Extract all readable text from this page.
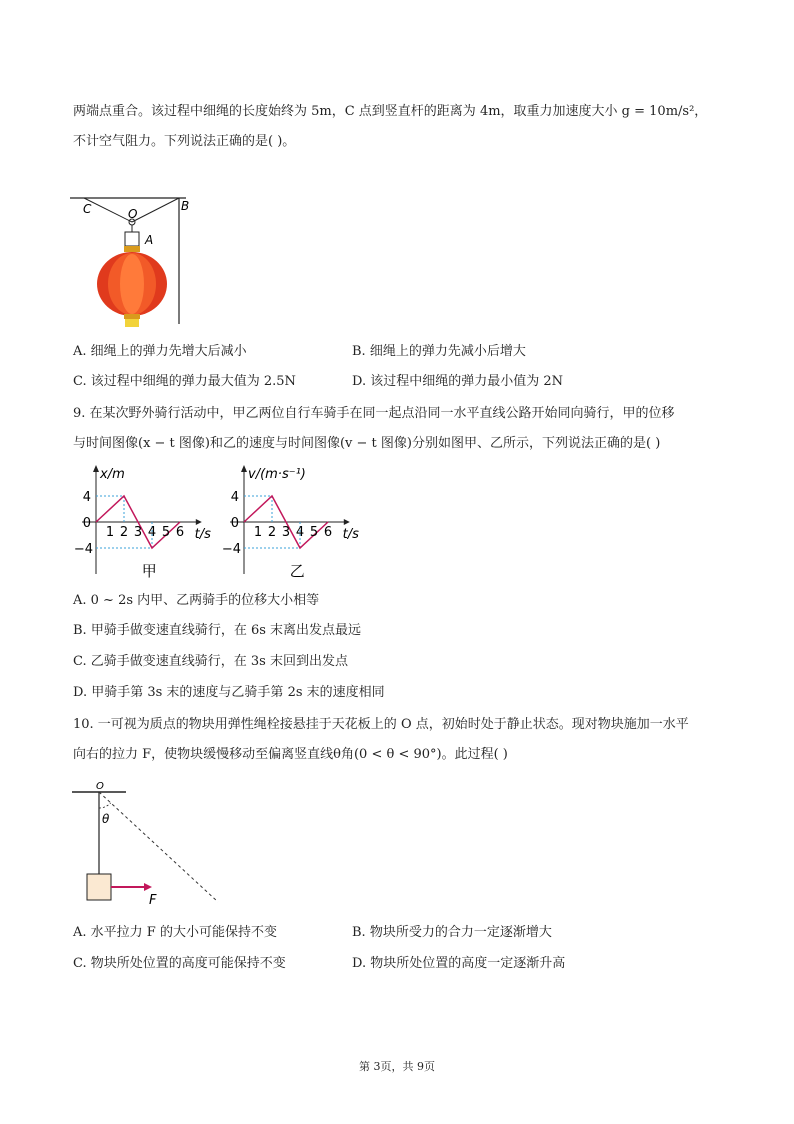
两端点重合。该过程中细绳的长度始终为 5m，C 点到竖直杆的距离为 4m，取重力加速度大小 g = 10m/s²，
不计空气阻力。下列说法正确的是( )。
C	O
B
A
A. 细绳上的弹力先增大后减小	B. 细绳上的弹力先减小后增大
C. 该过程中细绳的弹力最大值为 2.5N	D. 该过程中细绳的弹力最小值为 2N
9. 在某次野外骑行活动中，甲乙两位自行车骑手在同一起点沿同一水平直线公路开始同向骑行，甲的位移
与时间图像(x − t 图像)和乙的速度与时间图像(v − t 图像)分别如图甲、乙所示，下列说法正确的是( )
1 2 3 4 5 6
4
0
−4
x/m
t/s
甲
1 2 3 4 5 6
4
0
−4
v/(m·s⁻¹)
t/s
乙
A. 0 ~ 2s 内甲、乙两骑手的位移大小相等
B. 甲骑手做变速直线骑行，在 6s 末离出发点最远
C. 乙骑手做变速直线骑行，在 3s 末回到出发点
D. 甲骑手第 3s 末的速度与乙骑手第 2s 末的速度相同
10. 一可视为质点的物块用弹性绳栓接悬挂于天花板上的 O 点，初始时处于静止状态。现对物块施加一水平
向右的拉力 F，使物块缓慢移动至偏离竖直线θ角(0 < θ < 90°)。此过程( )
O
θ
F
A. 水平拉力 F 的大小可能保持不变	B. 物块所受力的合力一定逐渐增大
C. 物块所处位置的高度可能保持不变	D. 物块所处位置的高度一定逐渐升高
第 3页，共 9页
